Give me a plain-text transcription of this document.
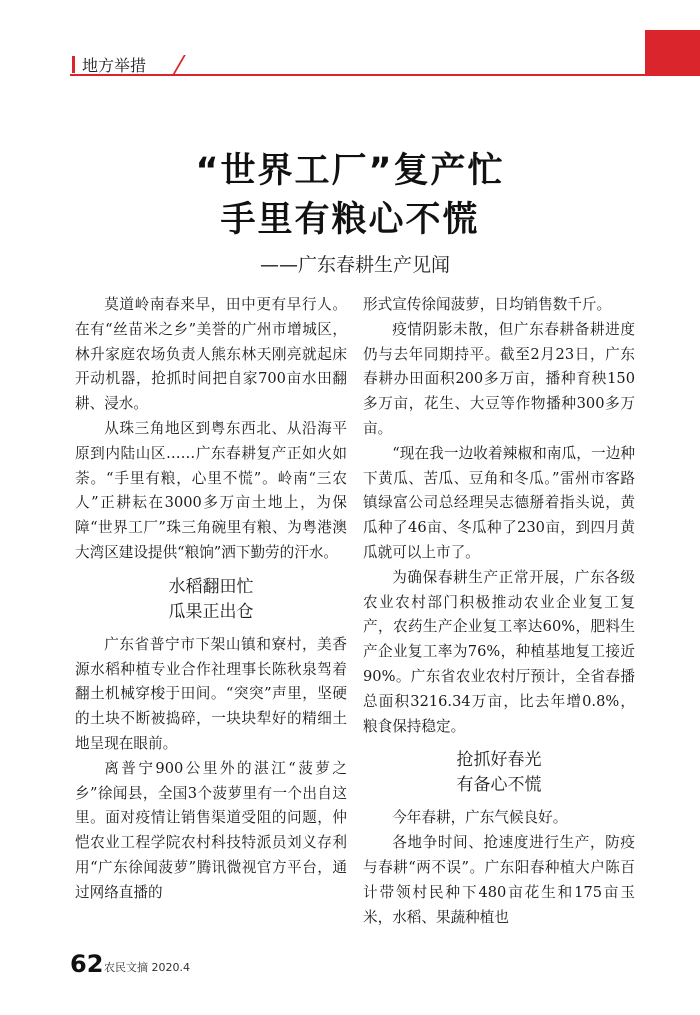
地方举措
“世界工厂”复产忙
手里有粮心不慌
——广东春耕生产见闻

莫道岭南春来早，田中更有早行人。在有“丝苗米之乡”美誉的广州市增城区，林升家庭农场负责人熊东林天刚亮就起床开动机器，抢抓时间把自家700亩水田翻耕、浸水。

从珠三角地区到粤东西北、从沿海平原到内陆山区……广东春耕复产正如火如荼。“手里有粮，心里不慌”。岭南“三农人”正耕耘在3000多万亩土地上，为保障“世界工厂”珠三角碗里有粮、为粤港澳大湾区建设提供“粮饷”洒下勤劳的汗水。

水稻翻田忙
瓜果正出仓

广东省普宁市下架山镇和寮村，美香源水稻种植专业合作社理事长陈秋泉驾着翻土机械穿梭于田间。“突突”声里，坚硬的土块不断被捣碎，一块块犁好的精细土地呈现在眼前。

离普宁900公里外的湛江“菠萝之乡”徐闻县，全国3个菠萝里有一个出自这里。面对疫情让销售渠道受阻的问题，仲恺农业工程学院农村科技特派员刘义存利用“广东徐闻菠萝”腾讯微视官方平台，通过网络直播的

形式宣传徐闻菠萝，日均销售数千斤。

疫情阴影未散，但广东春耕备耕进度仍与去年同期持平。截至2月23日，广东春耕办田面积200多万亩，播种育秧150多万亩，花生、大豆等作物播种300多万亩。

“现在我一边收着辣椒和南瓜，一边种下黄瓜、苦瓜、豆角和冬瓜。”雷州市客路镇绿富公司总经理吴志德掰着指头说，黄瓜种了46亩、冬瓜种了230亩，到四月黄瓜就可以上市了。

为确保春耕生产正常开展，广东各级农业农村部门积极推动农业企业复工复产，农药生产企业复工率达60%，肥料生产企业复工率为76%，种植基地复工接近90%。广东省农业农村厅预计，全省春播总面积3216.34万亩，比去年增0.8%，粮食保持稳定。

抢抓好春光
有备心不慌

今年春耕，广东气候良好。

各地争时间、抢速度进行生产，防疫与春耕“两不误”。广东阳春种植大户陈百计带领村民种下480亩花生和175亩玉米，水稻、果蔬种植也

62 农民文摘 2020.4
